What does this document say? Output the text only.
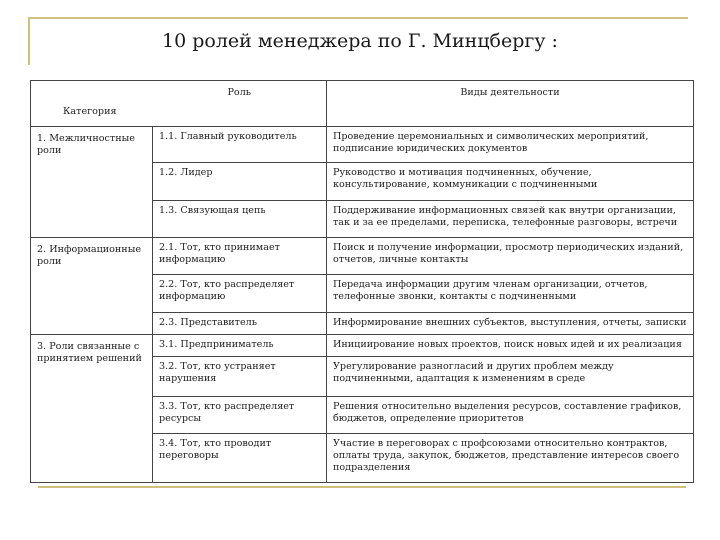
10 ролей менеджера по Г. Минцбергу :
Категория	Роль	Виды деятельности
1. Межличностные роли	1.1. Главный руководитель	Проведение церемониальных и символических мероприятий, подписание юридических документов
	1.2. Лидер	Руководство и мотивация подчиненных, обучение, консультирование, коммуникации с подчиненными
	1.3. Связующая цепь	Поддерживание информационных связей как внутри организации, так и за ее пределами, переписка, телефонные разговоры, встречи
2. Информационные роли	2.1. Тот, кто принимает информацию	Поиск и получение информации, просмотр периодических изданий, отчетов, личные контакты
	2.2. Тот, кто распределяет информацию	Передача информации другим членам организации, отчетов, телефонные звонки, контакты с подчиненными
	2.3. Представитель	Информирование внешних субъектов, выступления, отчеты, записки
3. Роли связанные с принятием решений	3.1. Предприниматель	Инициирование новых проектов, поиск новых идей и их реализация
	3.2. Тот, кто устраняет нарушения	Урегулирование разногласий и других проблем между подчиненными, адаптация к изменениям в среде
	3.3. Тот, кто распределяет ресурсы	Решения относительно выделения ресурсов, составление графиков, бюджетов, определение приоритетов
	3.4. Тот, кто проводит переговоры	Участие в переговорах с профсоюзами относительно контрактов, оплаты труда, закупок, бюджетов, представление интересов своего подразделения
